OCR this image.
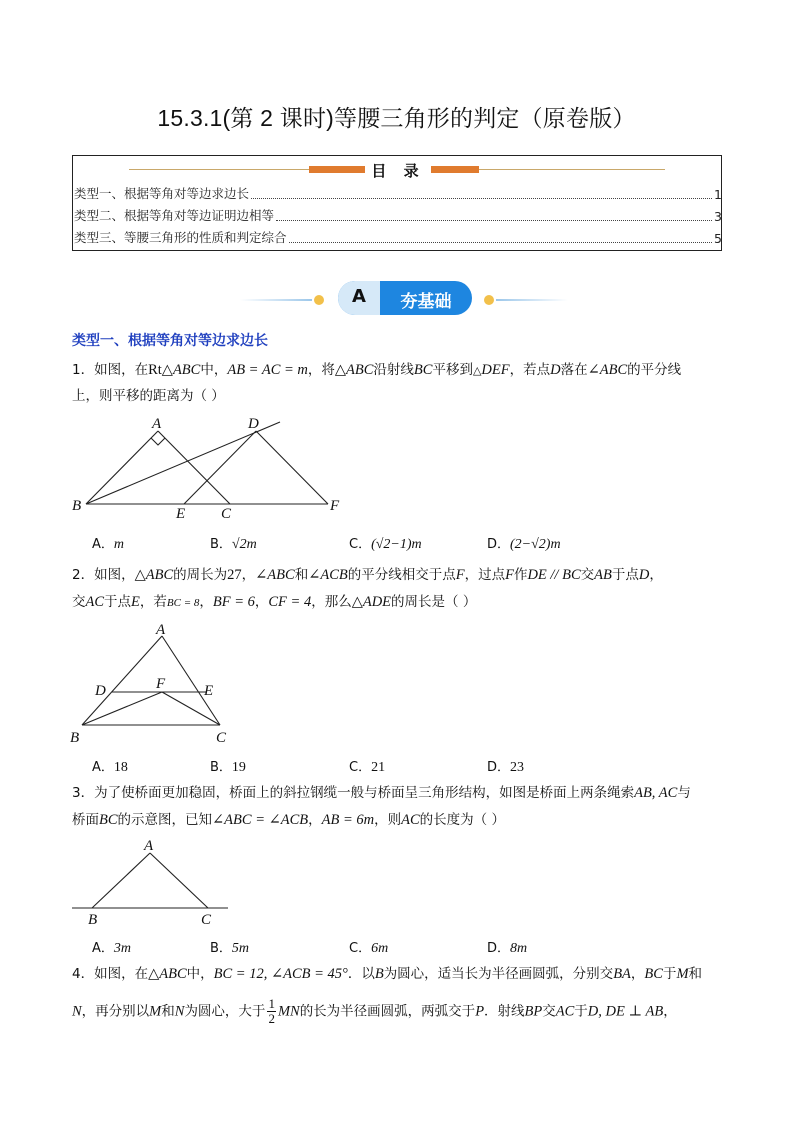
15.3.1(第 2 课时)等腰三角形的判定（原卷版）
目 录
类型一、根据等角对等边求边长	1
类型二、根据等角对等边证明边相等	3
类型三、等腰三角形的性质和判定综合	5
A	夯基础
类型一、根据等角对等边求边长
1．如图，在Rt△ABC中，AB = AC = m，将△ABC沿射线BC平移到△DEF，若点D落在∠ABC的平分线
上，则平移的距离为（ ）
A
B	C
D
E	F
A．m	B．√2m	C．(√2−1)m	D．(2−√2)m
2．如图，△ABC的周长为27，∠ABC和∠ACB的平分线相交于点F，过点F作DE // BC交AB于点D，
交AC于点E，若BC = 8，BF = 6，CF = 4，那么△ADE的周长是（ ）
A
B	C
D	E
F
A．18	B．19	C．21	D．23
3．为了使桥面更加稳固，桥面上的斜拉钢缆一般与桥面呈三角形结构，如图是桥面上两条绳索AB, AC与
桥面BC的示意图，已知∠ABC = ∠ACB，AB = 6m，则AC的长度为（ ）
A
B	C
A．3m	B．5m	C．6m	D．8m
4．如图，在△ABC中，BC = 12, ∠ACB = 45°．以B为圆心，适当长为半径画圆弧，分别交BA，BC于M和
N，再分别以M和N为圆心，大于 $\frac{1}{2}$ MN的长为半径画圆弧，两弧交于P．射线BP交AC于D, DE ⊥ AB，
